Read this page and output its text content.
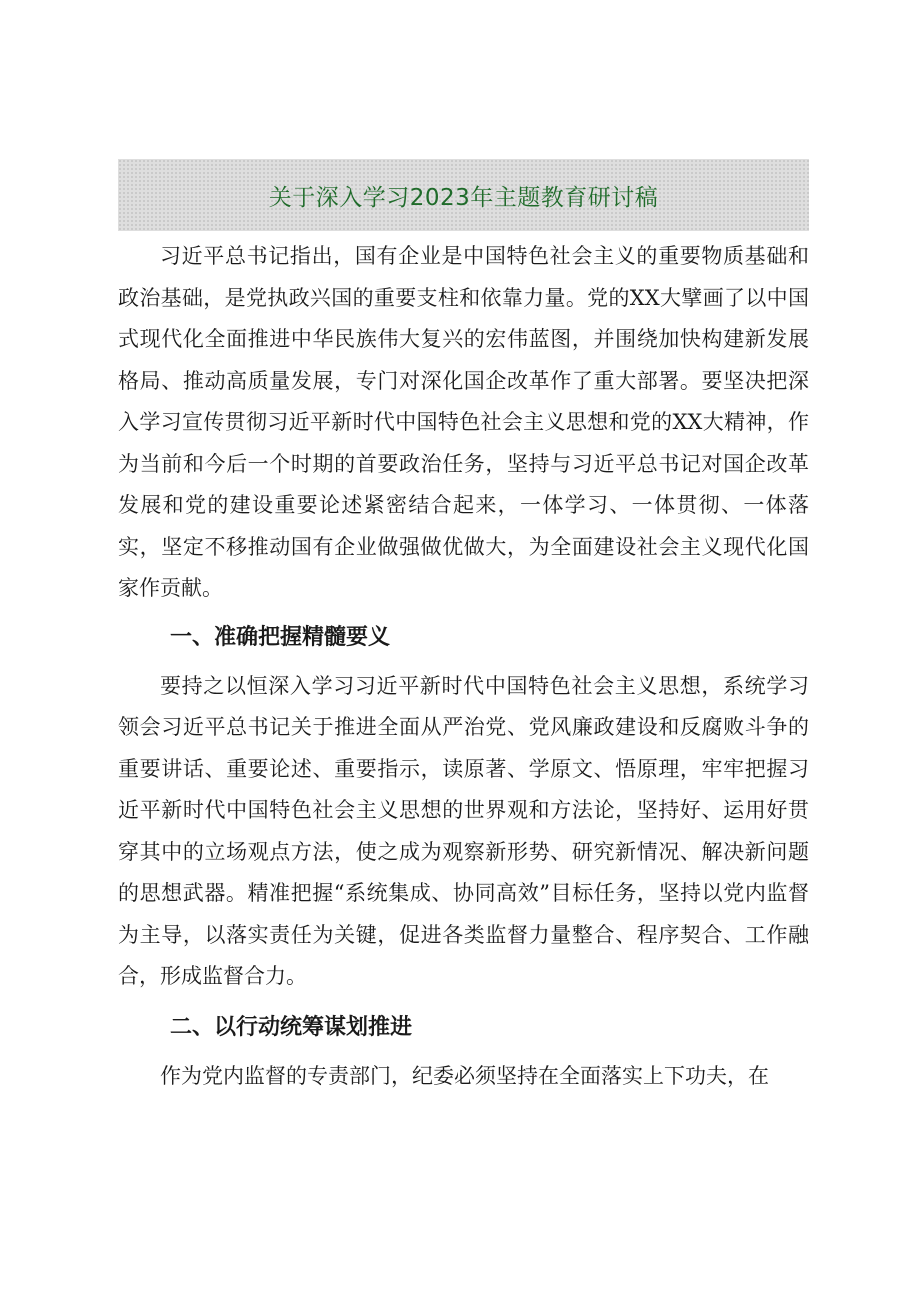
关于深入学习2023年主题教育研讨稿

习近平总书记指出，国有企业是中国特色社会主义的重要物质基础和政治基础，是党执政兴国的重要支柱和依靠力量。党的XX大擘画了以中国式现代化全面推进中华民族伟大复兴的宏伟蓝图，并围绕加快构建新发展格局、推动高质量发展，专门对深化国企改革作了重大部署。要坚决把深入学习宣传贯彻习近平新时代中国特色社会主义思想和党的XX大精神，作为当前和今后一个时期的首要政治任务，坚持与习近平总书记对国企改革发展和党的建设重要论述紧密结合起来，一体学习、一体贯彻、一体落实，坚定不移推动国有企业做强做优做大，为全面建设社会主义现代化国家作贡献。

一、准确把握精髓要义

要持之以恒深入学习习近平新时代中国特色社会主义思想，系统学习领会习近平总书记关于推进全面从严治党、党风廉政建设和反腐败斗争的重要讲话、重要论述、重要指示，读原著、学原文、悟原理，牢牢把握习近平新时代中国特色社会主义思想的世界观和方法论，坚持好、运用好贯穿其中的立场观点方法，使之成为观察新形势、研究新情况、解决新问题的思想武器。精准把握“系统集成、协同高效”目标任务，坚持以党内监督为主导，以落实责任为关键，促进各类监督力量整合、程序契合、工作融合，形成监督合力。

二、以行动统筹谋划推进

作为党内监督的专责部门，纪委必须坚持在全面落实上下功夫，在
